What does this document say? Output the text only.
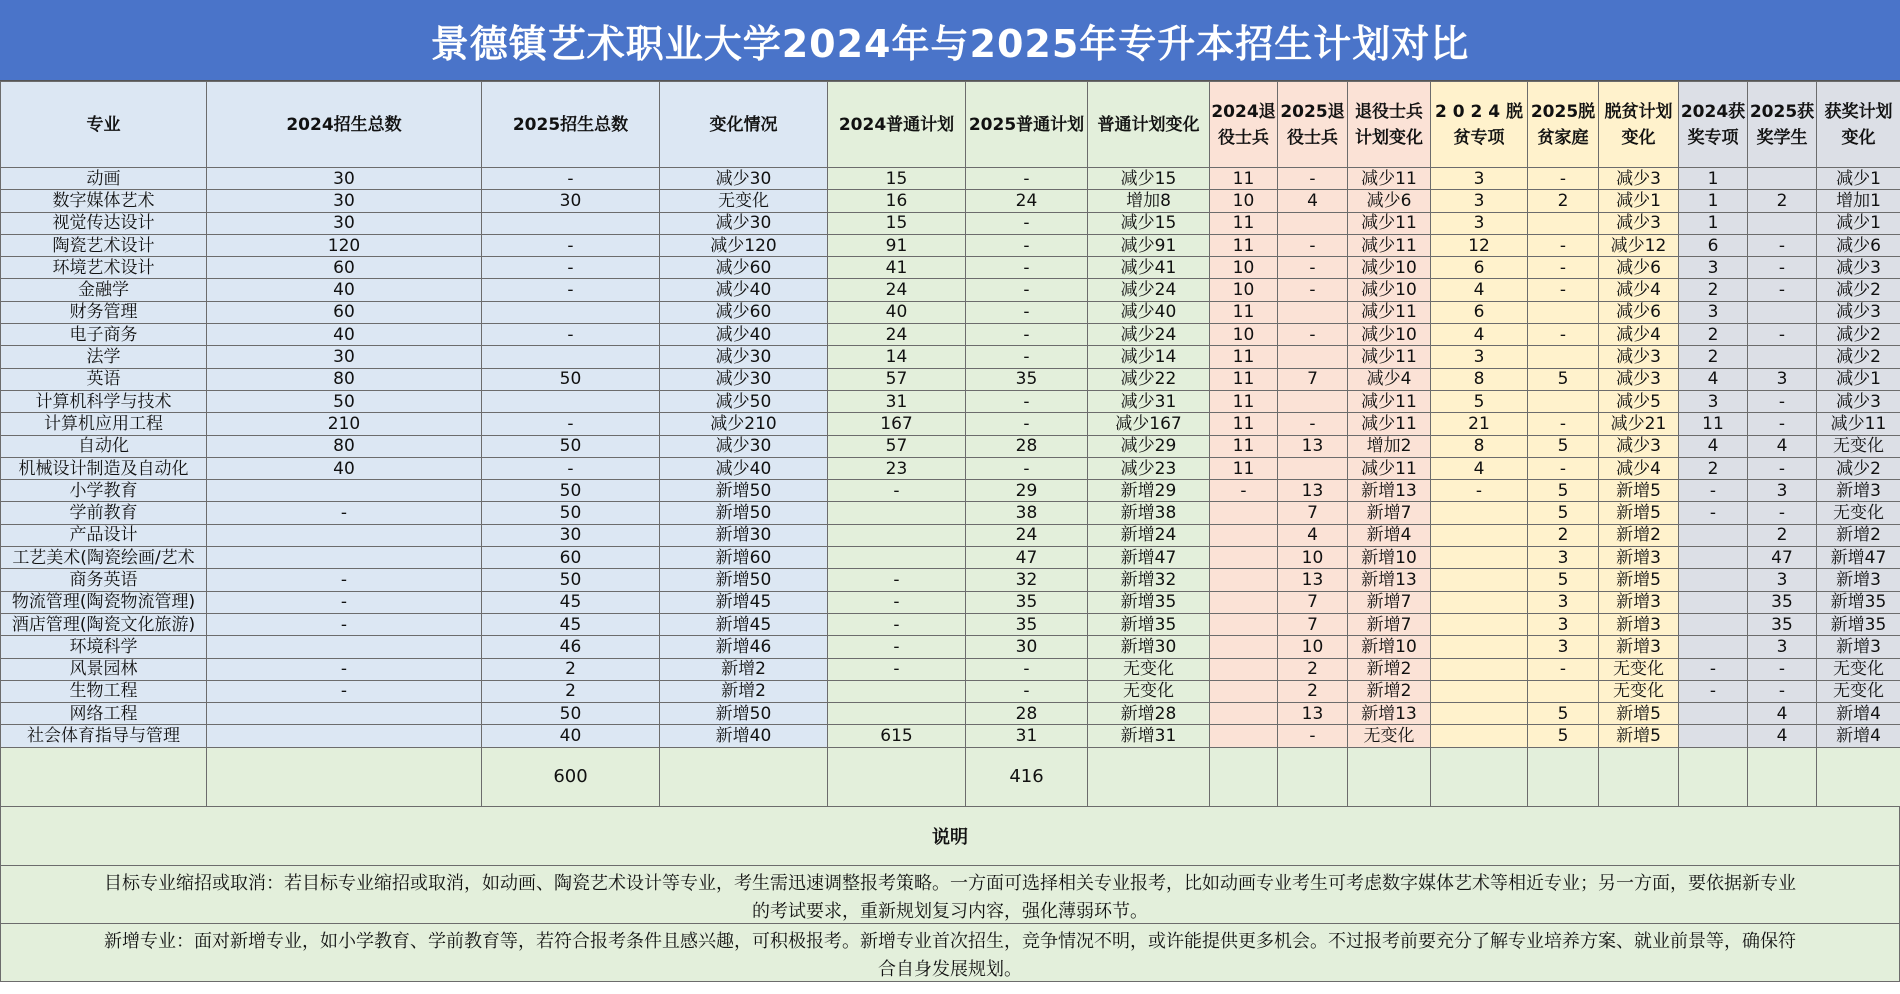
景德镇艺术职业大学2024年与2025年专升本招生计划对比
专业	2024招生总数	2025招生总数	变化情况	2024普通计划	2025普通计划	普通计划变化	2024退役士兵	2025退役士兵	退役士兵计划变化	2 0 2 4 脱贫专项	2025脱贫家庭	脱贫计划变化	2024获奖专项	2025获奖学生	获奖计划变化
动画	30	-	减少30	15	-	减少15	11	-	减少11	3	-	减少3	1		减少1
数字媒体艺术	30	30	无变化	16	24	增加8	10	4	减少6	3	2	减少1	1	2	增加1
视觉传达设计	30		减少30	15	-	减少15	11		减少11	3		减少3	1		减少1
陶瓷艺术设计	120	-	减少120	91	-	减少91	11	-	减少11	12	-	减少12	6	-	减少6
环境艺术设计	60	-	减少60	41	-	减少41	10	-	减少10	6	-	减少6	3	-	减少3
金融学	40	-	减少40	24	-	减少24	10	-	减少10	4	-	减少4	2	-	减少2
财务管理	60		减少60	40	-	减少40	11		减少11	6		减少6	3		减少3
电子商务	40	-	减少40	24	-	减少24	10	-	减少10	4	-	减少4	2	-	减少2
法学	30		减少30	14	-	减少14	11		减少11	3		减少3	2		减少2
英语	80	50	减少30	57	35	减少22	11	7	减少4	8	5	减少3	4	3	减少1
计算机科学与技术	50		减少50	31	-	减少31	11		减少11	5		减少5	3	-	减少3
计算机应用工程	210	-	减少210	167	-	减少167	11	-	减少11	21	-	减少21	11	-	减少11
自动化	80	50	减少30	57	28	减少29	11	13	增加2	8	5	减少3	4	4	无变化
机械设计制造及自动化	40	-	减少40	23	-	减少23	11		减少11	4	-	减少4	2	-	减少2
小学教育		50	新增50	-	29	新增29	-	13	新增13	-	5	新增5	-	3	新增3
学前教育	-	50	新增50		38	新增38		7	新增7		5	新增5	-	-	无变化
产品设计		30	新增30		24	新增24		4	新增4		2	新增2		2	新增2
工艺美术(陶瓷绘画/艺术		60	新增60		47	新增47		10	新增10		3	新增3		47	新增47
商务英语	-	50	新增50	-	32	新增32		13	新增13		5	新增5		3	新增3
物流管理(陶瓷物流管理)	-	45	新增45	-	35	新增35		7	新增7		3	新增3		35	新增35
酒店管理(陶瓷文化旅游)	-	45	新增45	-	35	新增35		7	新增7		3	新增3		35	新增35
环境科学		46	新增46	-	30	新增30		10	新增10		3	新增3		3	新增3
风景园林	-	2	新增2	-	-	无变化		2	新增2		-	无变化	-	-	无变化
生物工程	-	2	新增2		-	无变化		2	新增2			无变化	-	-	无变化
网络工程		50	新增50		28	新增28		13	新增13		5	新增5		4	新增4
社会体育指导与管理		40	新增40	615	31	新增31		-	无变化		5	新增5		4	新增4
		600			416										
说明
目标专业缩招或取消：若目标专业缩招或取消，如动画、陶瓷艺术设计等专业，考生需迅速调整报考策略。一方面可选择相关专业报考，比如动画专业考生可考虑数字媒体艺术等相近专业；另一方面，要依据新专业的考试要求，重新规划复习内容，强化薄弱环节。
新增专业：面对新增专业，如小学教育、学前教育等，若符合报考条件且感兴趣，可积极报考。新增专业首次招生，竞争情况不明，或许能提供更多机会。不过报考前要充分了解专业培养方案、就业前景等，确保符合自身发展规划。
